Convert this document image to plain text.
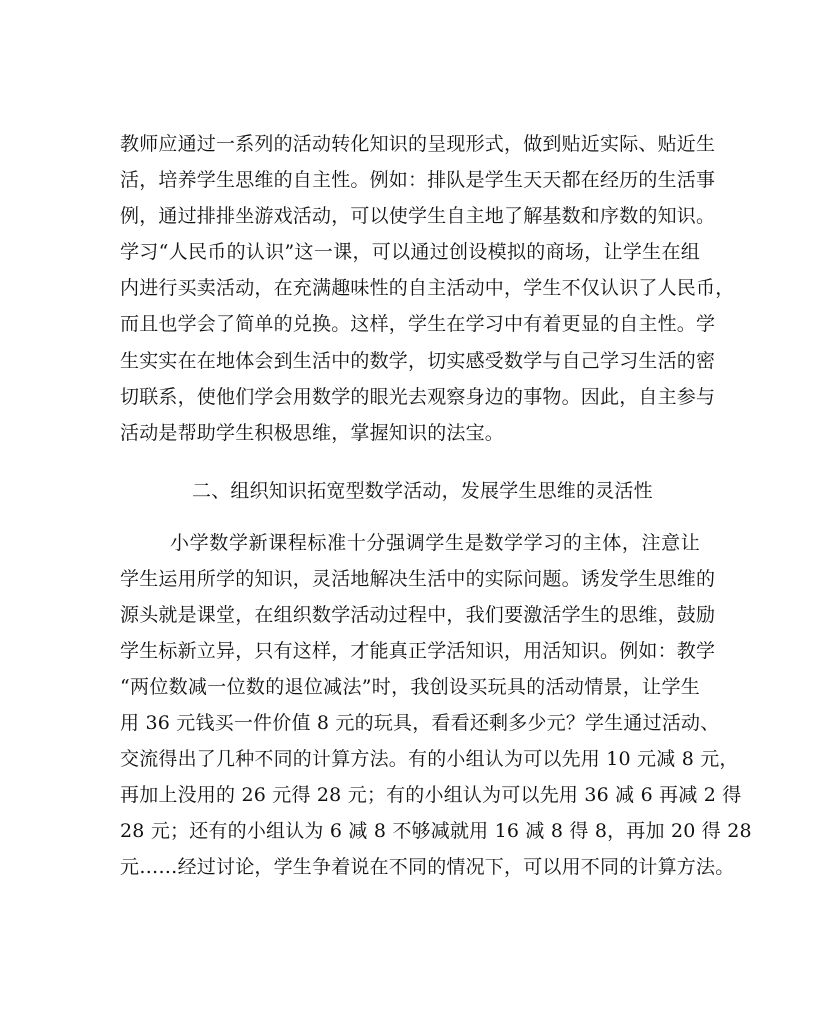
教师应通过一系列的活动转化知识的呈现形式，做到贴近实际、贴近生
活，培养学生思维的自主性。例如：排队是学生天天都在经历的生活事
例，通过排排坐游戏活动，可以使学生自主地了解基数和序数的知识。
学习“人民币的认识”这一课，可以通过创设模拟的商场，让学生在组
内进行买卖活动，在充满趣味性的自主活动中，学生不仅认识了人民币，
而且也学会了简单的兑换。这样，学生在学习中有着更显的自主性。学
生实实在在地体会到生活中的数学，切实感受数学与自己学习生活的密
切联系，使他们学会用数学的眼光去观察身边的事物。因此，自主参与
活动是帮助学生积极思维，掌握知识的法宝。
二、组织知识拓宽型数学活动，发展学生思维的灵活性
小学数学新课程标准十分强调学生是数学学习的主体，注意让
学生运用所学的知识，灵活地解决生活中的实际问题。诱发学生思维的
源头就是课堂，在组织数学活动过程中，我们要激活学生的思维，鼓励
学生标新立异，只有这样，才能真正学活知识，用活知识。例如：教学
“两位数减一位数的退位减法”时，我创设买玩具的活动情景，让学生
用 36 元钱买一件价值 8 元的玩具，看看还剩多少元？学生通过活动、
交流得出了几种不同的计算方法。有的小组认为可以先用 10 元减 8 元，
再加上没用的 26 元得 28 元；有的小组认为可以先用 36 减 6 再减 2 得
28 元；还有的小组认为 6 减 8 不够减就用 16 减 8 得 8，再加 20 得 28
元……经过讨论，学生争着说在不同的情况下，可以用不同的计算方法。
